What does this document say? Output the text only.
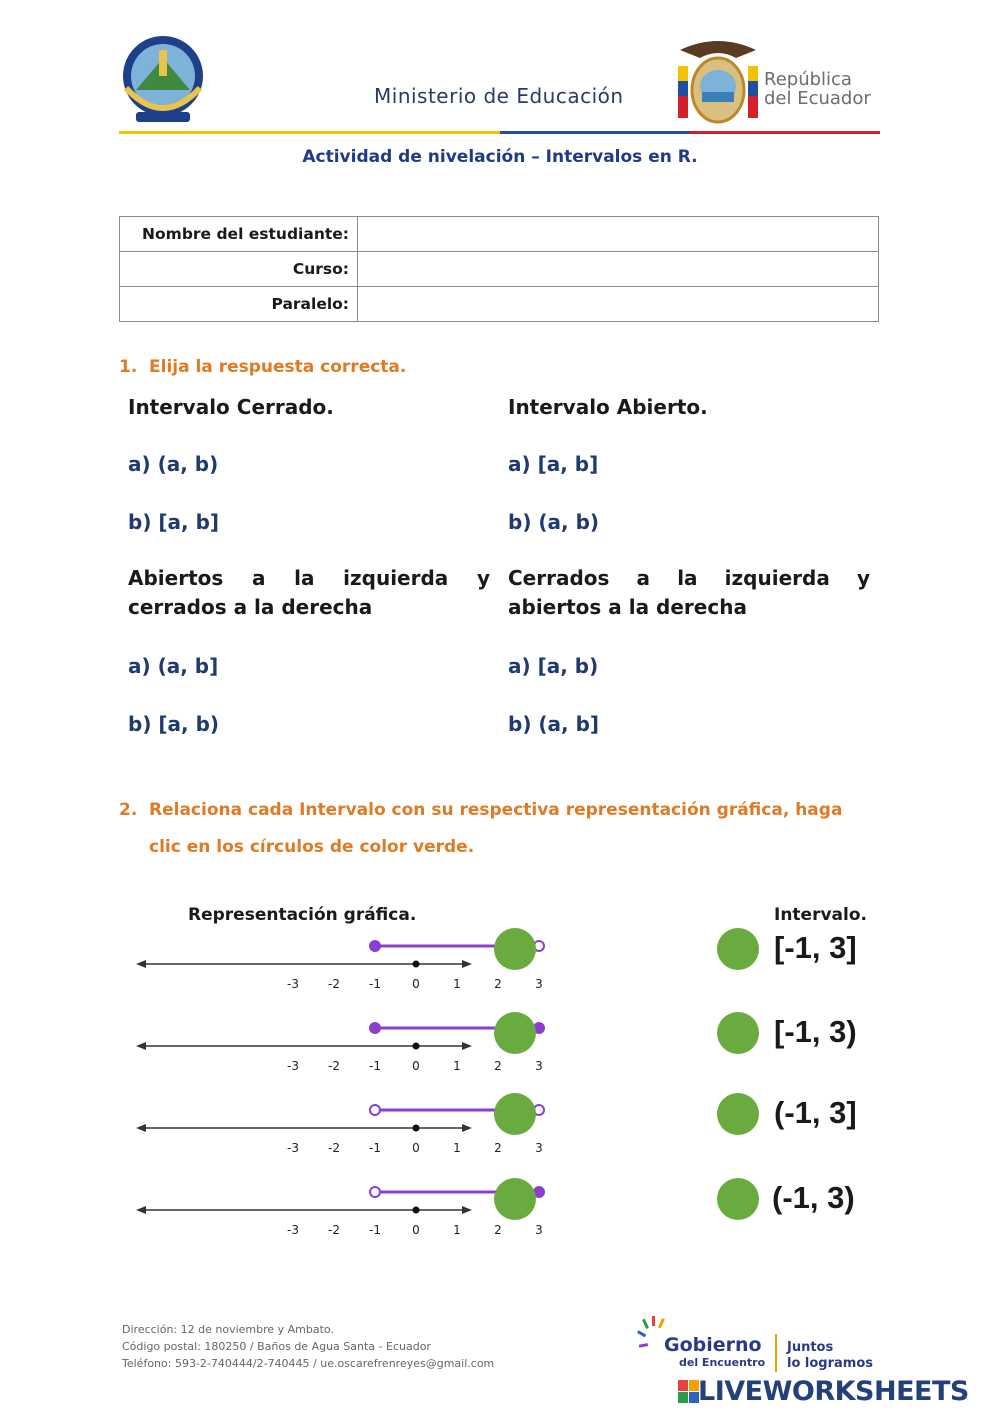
Ministerio de Educación
República
del Ecuador
Actividad de nivelación – Intervalos en R.
Nombre del estudiante:	
Curso:	
Paralelo:	
1. Elija la respuesta correcta.
Intervalo Cerrado.
a) (a, b)
b) [a, b]
Intervalo Abierto.
a) [a, b]
b) (a, b)
Abiertos a la izquierda y cerrados a la derecha
a) (a, b]
b) [a, b)
Cerrados a la izquierda y abiertos a la derecha
a) [a, b)
b) (a, b]
2. Relaciona cada Intervalo con su respectiva representación gráfica, haga
clic en los círculos de color verde.
Representación gráfica.	Intervalo.
-3 -2 -1	0	1	2	3
-3 -2 -1	0	1	2	3
-3 -2 -1	0	1	2	3
-3 -2 -1	0	1	2	3
[-1, 3]
[-1, 3)
(-1, 3]
(-1, 3)
Dirección: 12 de noviembre y Ambato.
Código postal: 180250 / Baños de Agua Santa - Ecuador
Teléfono: 593-2-740444/2-740445 / ue.oscarefrenreyes@gmail.com
Gobierno
del Encuentro
Juntos
lo logramos
LIVEWORKSHEETS
